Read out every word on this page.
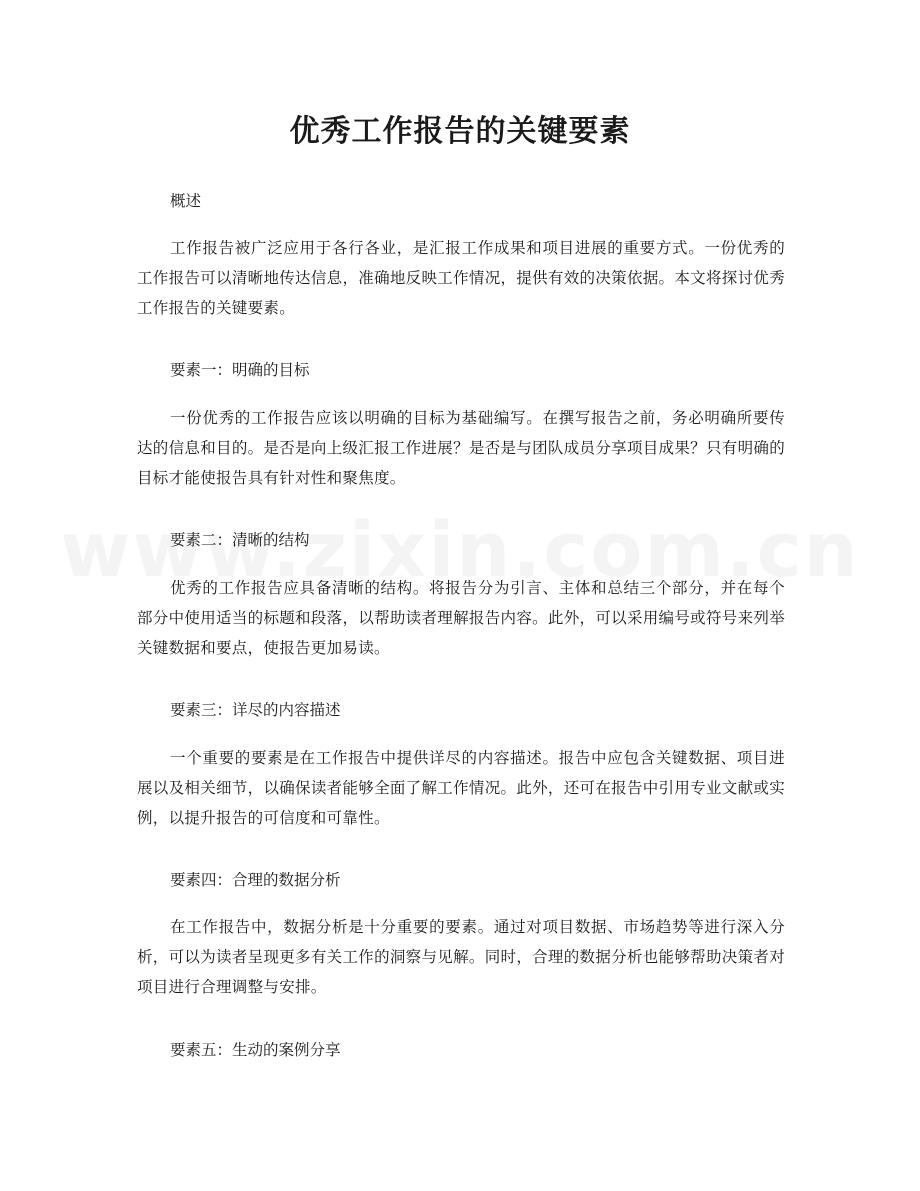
优秀工作报告的关键要素

概述

工作报告被广泛应用于各行各业，是汇报工作成果和项目进展的重要方式。一份优秀的工作报告可以清晰地传达信息，准确地反映工作情况，提供有效的决策依据。本文将探讨优秀工作报告的关键要素。

要素一：明确的目标

一份优秀的工作报告应该以明确的目标为基础编写。在撰写报告之前，务必明确所要传达的信息和目的。是否是向上级汇报工作进展？是否是与团队成员分享项目成果？只有明确的目标才能使报告具有针对性和聚焦度。

要素二：清晰的结构

优秀的工作报告应具备清晰的结构。将报告分为引言、主体和总结三个部分，并在每个部分中使用适当的标题和段落，以帮助读者理解报告内容。此外，可以采用编号或符号来列举关键数据和要点，使报告更加易读。

要素三：详尽的内容描述

一个重要的要素是在工作报告中提供详尽的内容描述。报告中应包含关键数据、项目进展以及相关细节，以确保读者能够全面了解工作情况。此外，还可在报告中引用专业文献或实例，以提升报告的可信度和可靠性。

要素四：合理的数据分析

在工作报告中，数据分析是十分重要的要素。通过对项目数据、市场趋势等进行深入分析，可以为读者呈现更多有关工作的洞察与见解。同时，合理的数据分析也能够帮助决策者对项目进行合理调整与安排。

要素五：生动的案例分享
